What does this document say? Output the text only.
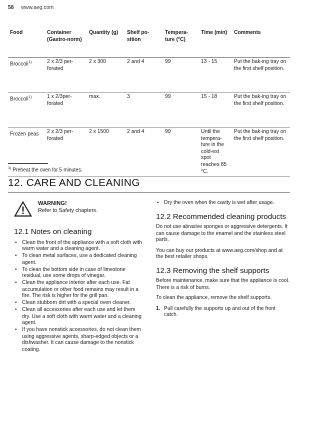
58 www.aeg.com
Food	Container (Gastro-norm)	Quantity (g)	Shelf po-sition	Tempera-ture (°C)	Time (min)	Comments
Broccoli$^{1)}$	2 x 2/3 per-forated	2 x 300	2 and 4	99	13 - 15	Put the bak-ing tray on the first shelf position.
Broccoli$^{1)}$	1 x 2/3per-forated	max.	3	99	15 - 18	Put the bak-ing tray on the first shelf position.
Frozen peas	2 x 2/3 per-forated	2 x 1500	2 and 4	99	Until the tempera-ture in the cold-est spot reaches 85 °C.	Put the bak-ing tray on the first shelf position.
$^{1)}$ Preheat the oven for 5 minutes.
12. CARE AND CLEANING
WARNING!
Refer to Safety chapters.
12.1 Notes on cleaning
• Clean the front of the appliance with a soft cloth with warm water and a cleaning agent.
• To clean metal surfaces, use a dedicated cleaning agent.
• To clean the bottom side in case of limestone residual, use some drops of vinegar.
• Clean the appliance interior after each use. Fat accumulation or other food remains may result in a fire. The risk is higher for the grill pan.
• Clean stubborn dirt with a special oven cleaner.
• Clean all accessories after each use and let them dry. Use a soft cloth with warm water and a cleaning agent.
• If you have nonstick accessories, do not clean them using aggressive agents, sharp-edged objects or a dishwasher. It can cause damage to the nonstick coating.
• Dry the oven when the cavity is wet after usage.
12.2 Recommended cleaning products

Do not use abrasive sponges or aggressive detergents. It can cause damage to the enamel and the stainless steel parts.

You can buy our products at www.aeg.com/shop and at the best retailer shops.

12.3 Removing the shelf supports

Before maintenance, make sure that the appliance is cool. There is a risk of burns.

To clean the appliance, remove the shelf supports.

1. Pull carefully the supports up and out of the front catch.
